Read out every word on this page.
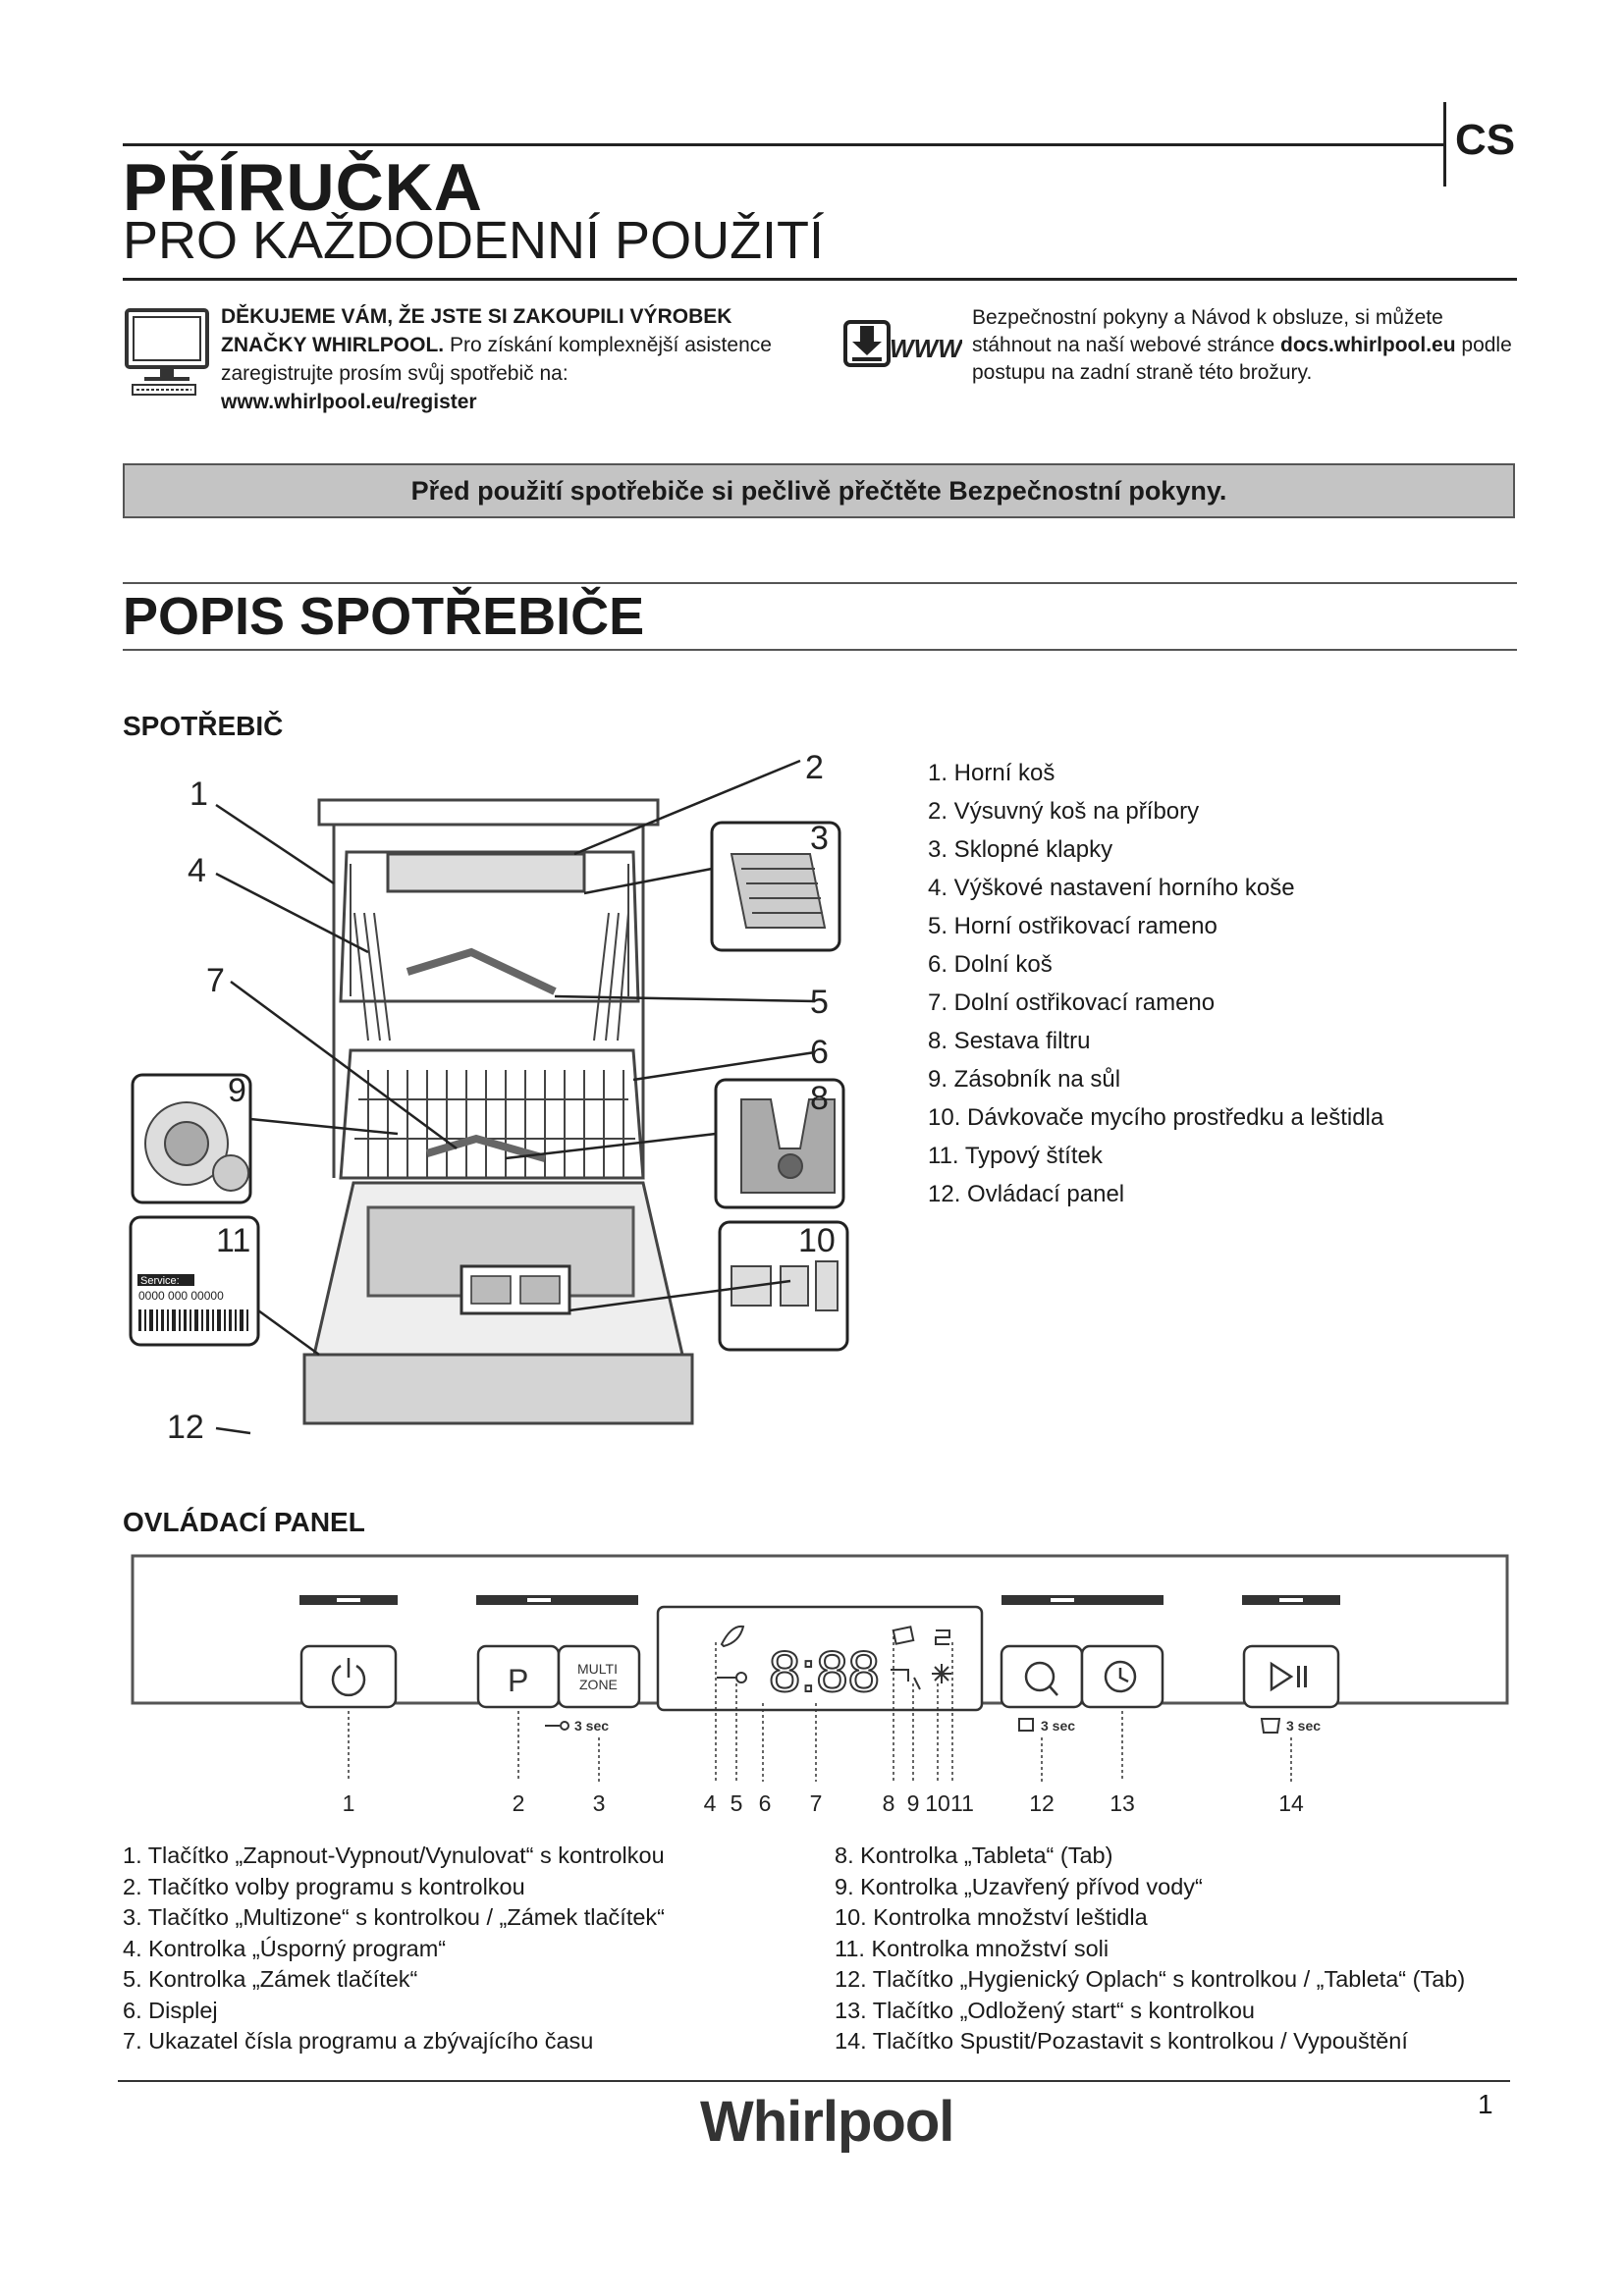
CS
PŘÍRUČKA
PRO KAŽDODENNÍ POUŽITÍ
DĚKUJEME VÁM, ŽE JSTE SI ZAKOUPILI VÝROBEK ZNAČKY WHIRLPOOL. Pro získání komplexnější asistence zaregistrujte prosím svůj spotřebič na:
www.whirlpool.eu/register
WWW
Bezpečnostní pokyny a Návod k obsluze, si můžete stáhnout na naší webové stránce docs.whirlpool.eu podle postupu na zadní straně této brožury.
Před použití spotřebiče si pečlivě přečtěte Bezpečnostní pokyny.
POPIS SPOTŘEBIČE
SPOTŘEBIČ
Service:
0000 000 00000
1
2
3
4
5
6
7
8
9
10
11
12
1. Horní koš
2. Výsuvný koš na příbory
3. Sklopné klapky
4. Výškové nastavení horního koše
5. Horní ostřikovací rameno
6. Dolní koš
7. Dolní ostřikovací rameno
8. Sestava filtru
9. Zásobník na sůl
10. Dávkovače mycího prostředku a leštidla
11. Typový štítek
12. Ovládací panel
OVLÁDACÍ PANEL
P	MULTI
ZONE	8:88
3 sec	3 sec	3 sec
1	2	3	4 5 6 7	8 9 10 11 12 13	14
1. Tlačítko „Zapnout-Vypnout/Vynulovat“ s kontrolkou
2. Tlačítko volby programu s kontrolkou
3. Tlačítko „Multizone“ s kontrolkou / „Zámek tlačítek“
4. Kontrolka „Úsporný program“
5. Kontrolka „Zámek tlačítek“
6. Displej
7. Ukazatel čísla programu a zbývajícího času
8. Kontrolka „Tableta“ (Tab)
9. Kontrolka „Uzavřený přívod vody“
10. Kontrolka množství leštidla
11. Kontrolka množství soli
12. Tlačítko „Hygienický Oplach“ s kontrolkou / „Tableta“ (Tab)
13. Tlačítko „Odložený start“ s kontrolkou
14. Tlačítko Spustit/Pozastavit s kontrolkou / Vypouštění
Whirlpool	1
